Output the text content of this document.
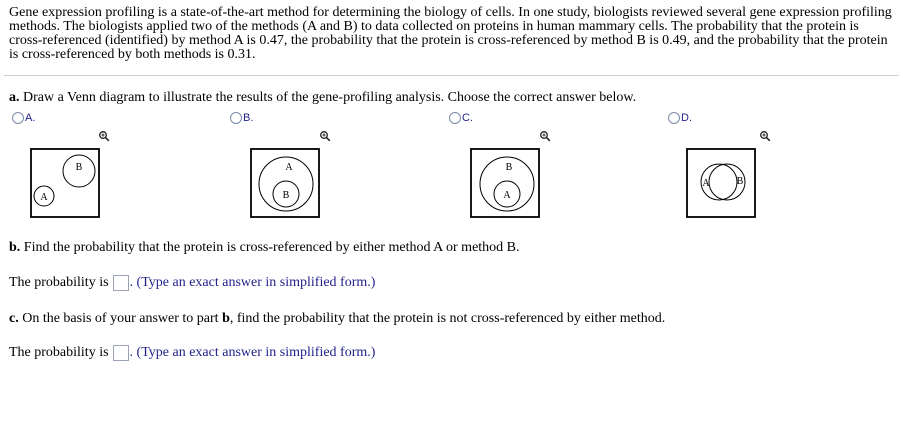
Gene expression profiling is a state-of-the-art method for determining the biology of cells. In one study, biologists reviewed several gene expression profiling methods. The biologists applied two of the methods (A and B) to data collected on proteins in human mammary cells. The probability that the protein is cross-referenced (identified) by method A is 0.47, the probability that the protein is cross-referenced by method B is 0.49, and the probability that the protein is cross-referenced by both methods is 0.31.

a. Draw a Venn diagram to illustrate the results of the gene-profiling analysis. Choose the correct answer below.
A.	B.	C.	D.
B
A
A
B
B
A
A	B
b. Find the probability that the protein is cross-referenced by either method A or method B.
The probability is . (Type an exact answer in simplified form.)
c. On the basis of your answer to part b, find the probability that the protein is not cross-referenced by either method.
The probability is . (Type an exact answer in simplified form.)
